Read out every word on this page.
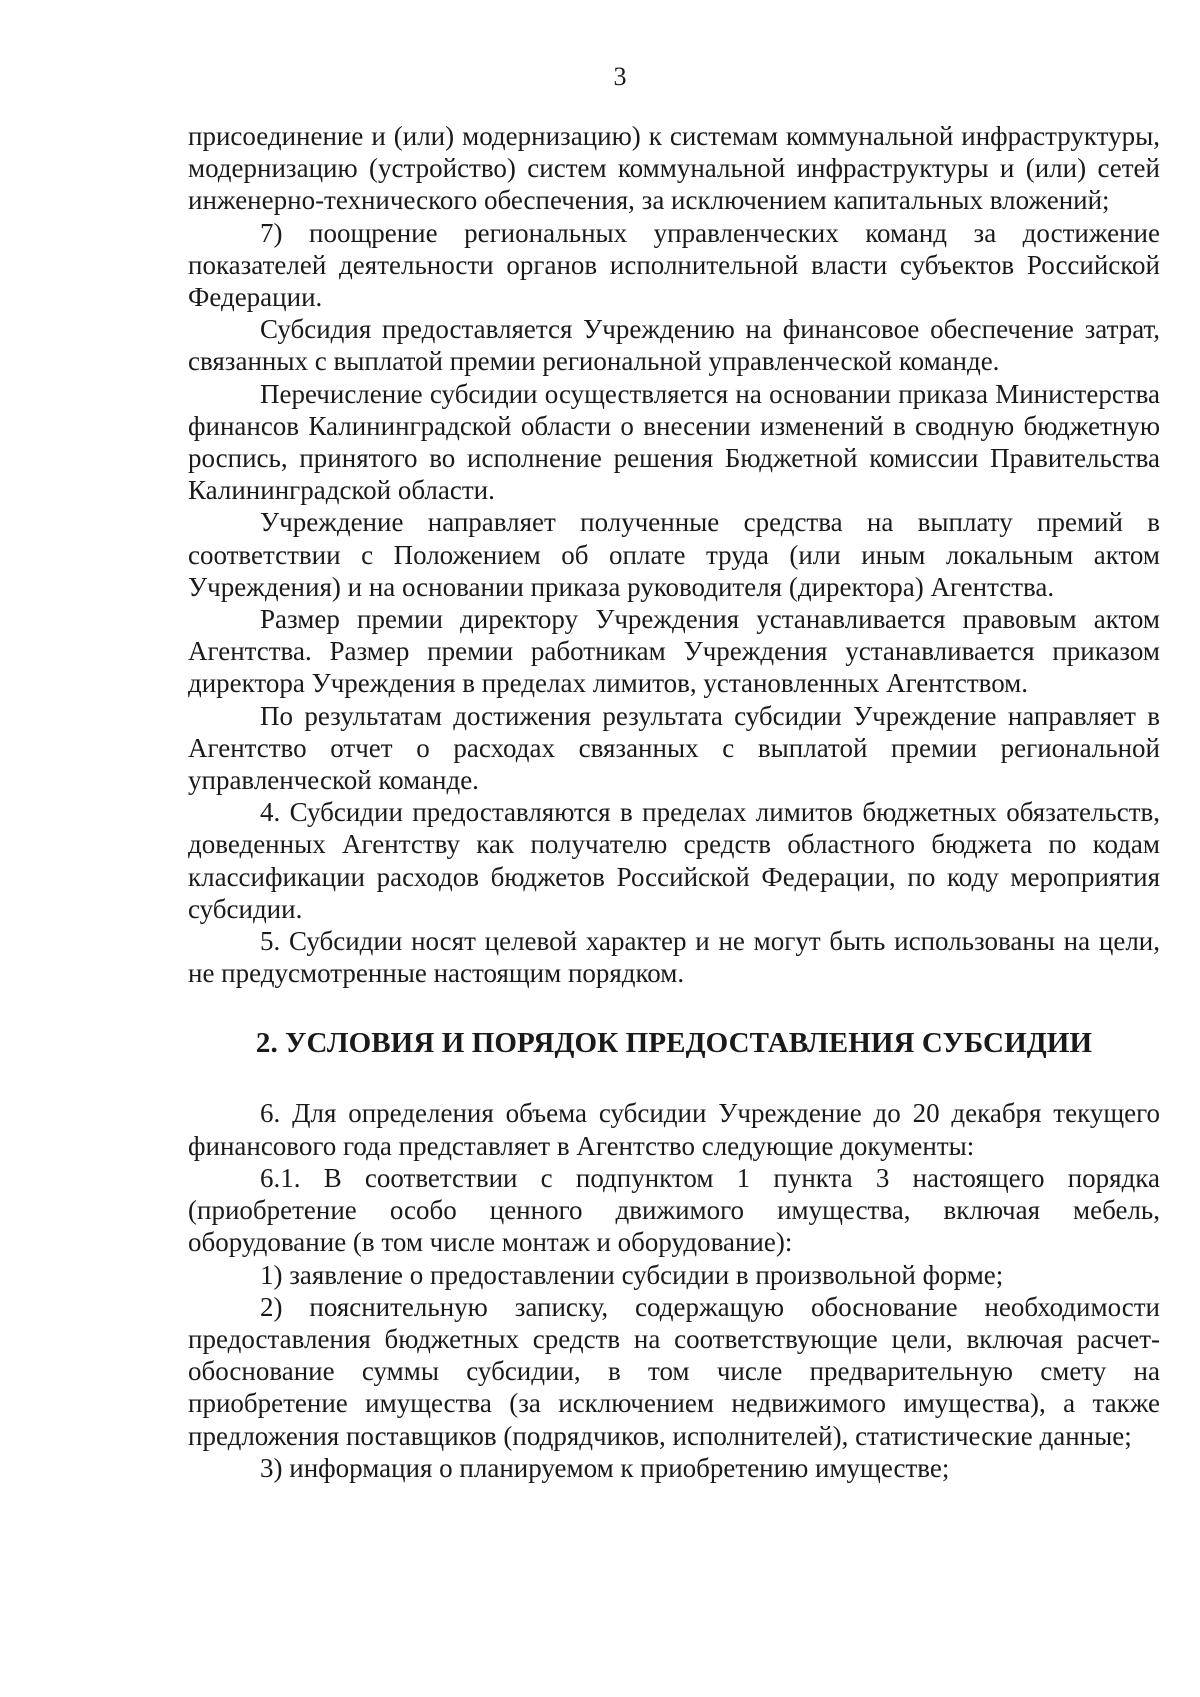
3

присоединение и (или) модернизацию) к системам коммунальной инфраструктуры, модернизацию (устройство) систем коммунальной инфраструктуры и (или) сетей инженерно-технического обеспечения, за исключением капитальных вложений;

7) поощрение региональных управленческих команд за достижение показателей деятельности органов исполнительной власти субъектов Российской Федерации.

Субсидия предоставляется Учреждению на финансовое обеспечение затрат, связанных с выплатой премии региональной управленческой команде.

Перечисление субсидии осуществляется на основании приказа Министерства финансов Калининградской области о внесении изменений в сводную бюджетную роспись, принятого во исполнение решения Бюджетной комиссии Правительства Калининградской области.

Учреждение направляет полученные средства на выплату премий в соответствии с Положением об оплате труда (или иным локальным актом Учреждения) и на основании приказа руководителя (директора) Агентства.

Размер премии директору Учреждения устанавливается правовым актом Агентства. Размер премии работникам Учреждения устанавливается приказом директора Учреждения в пределах лимитов, установленных Агентством.

По результатам достижения результата субсидии Учреждение направляет в Агентство отчет о расходах связанных с выплатой премии региональной управленческой команде.

4. Субсидии предоставляются в пределах лимитов бюджетных обязательств, доведенных Агентству как получателю средств областного бюджета по кодам классификации расходов бюджетов Российской Федерации, по коду мероприятия субсидии.

5. Субсидии носят целевой характер и не могут быть использованы на цели, не предусмотренные настоящим порядком.

2. УСЛОВИЯ И ПОРЯДОК ПРЕДОСТАВЛЕНИЯ СУБСИДИИ

6. Для определения объема субсидии Учреждение до 20 декабря текущего финансового года представляет в Агентство следующие документы:

6.1. В соответствии с подпунктом 1 пункта 3 настоящего порядка (приобретение особо ценного движимого имущества, включая мебель, оборудование (в том числе монтаж и оборудование):

1) заявление о предоставлении субсидии в произвольной форме;

2) пояснительную записку, содержащую обоснование необходимости предоставления бюджетных средств на соответствующие цели, включая расчет-обоснование суммы субсидии, в том числе предварительную смету на приобретение имущества (за исключением недвижимого имущества), а также предложения поставщиков (подрядчиков, исполнителей), статистические данные;

3) информация о планируемом к приобретению имуществе;
